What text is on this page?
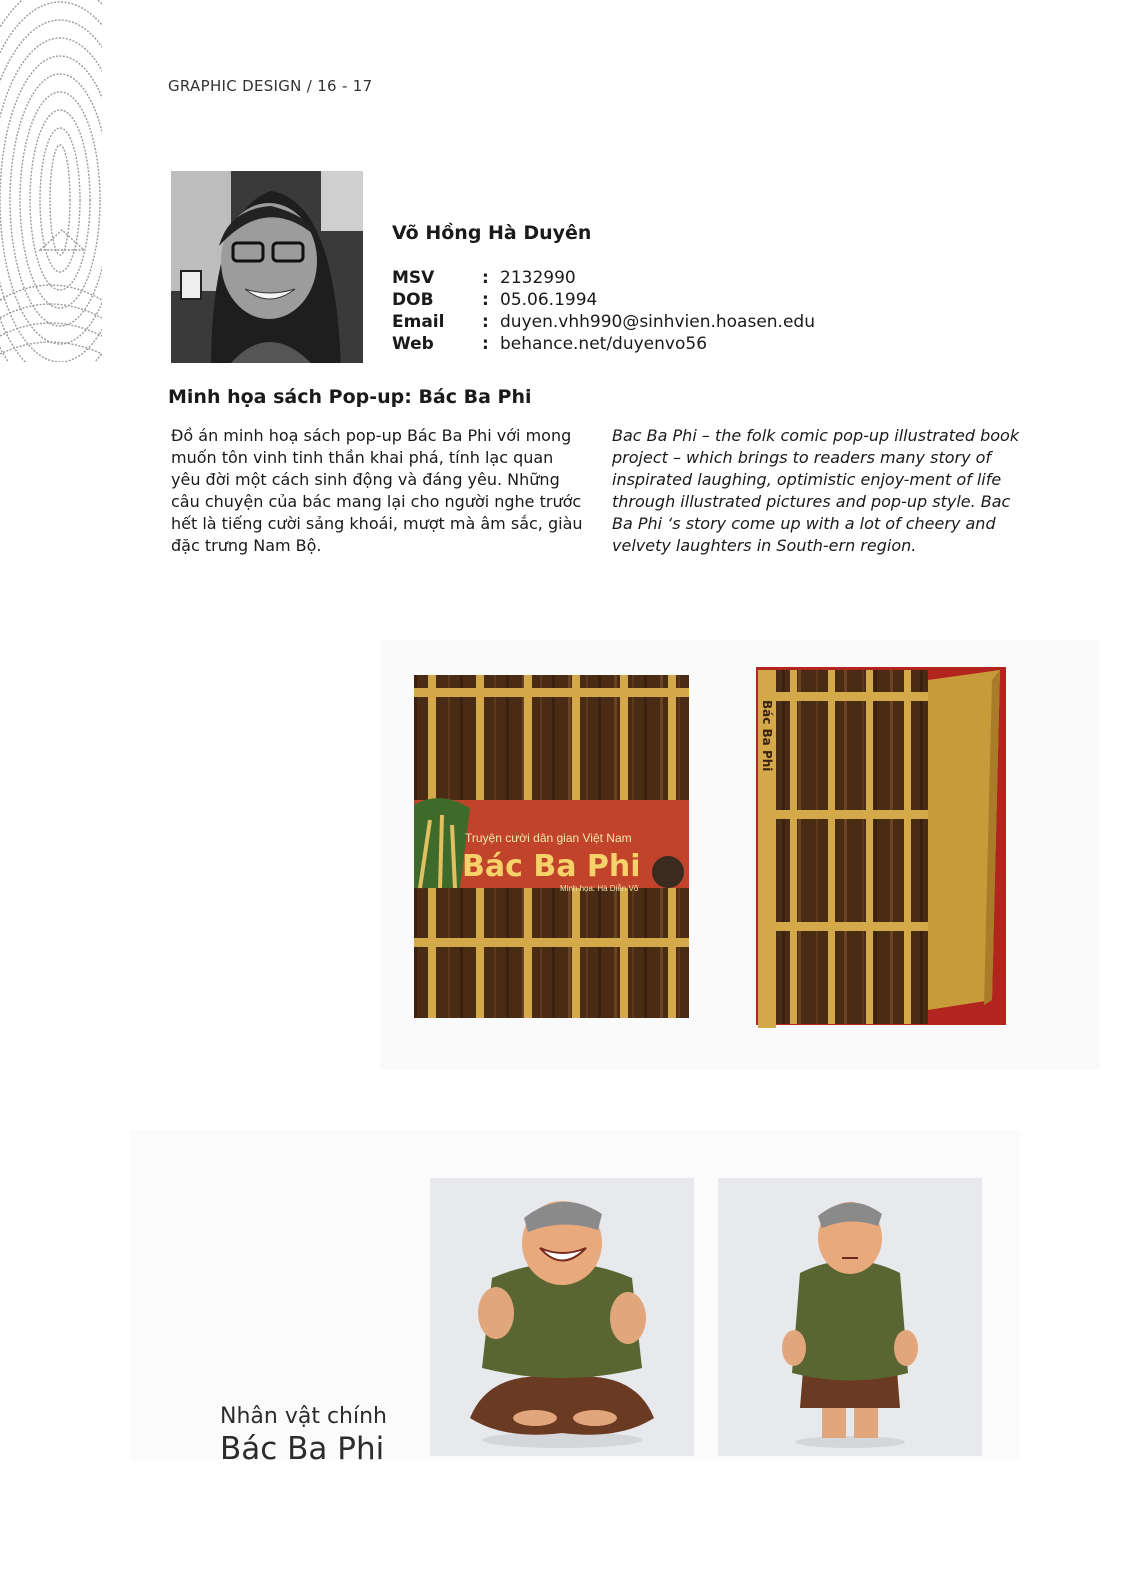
GRAPHIC DESIGN / 16 - 17
Võ Hồng Hà Duyên
MSV	: 2132990
DOB	: 05.06.1994
Email	: duyen.vhh990@sinhvien.hoasen.edu
Web	: behance.net/duyenvo56
Minh họa sách Pop-up: Bác Ba Phi
Đồ án minh hoạ sách pop-up Bác Ba Phi với mong muốn tôn vinh tinh thần khai phá, tính lạc quan yêu đời một cách sinh động và đáng yêu. Những câu chuyện của bác mang lại cho người nghe trước hết là tiếng cười sảng khoái, mượt mà âm sắc, giàu đặc trưng Nam Bộ.
Bac Ba Phi – the folk comic pop-up illustrated book project – which brings to readers many story of inspirated laughing, optimistic enjoy-ment of life through illustrated pictures and pop-up style. Bac Ba Phi ‘s story come up with a lot of cheery and velvety laughters in South-ern region.
Truyện cười dân gian Việt Nam
Bác Ba Phi
Minh họa: Hà Diễn Võ
Bác Ba Phi
Nhân vật chính
Bác Ba Phi
